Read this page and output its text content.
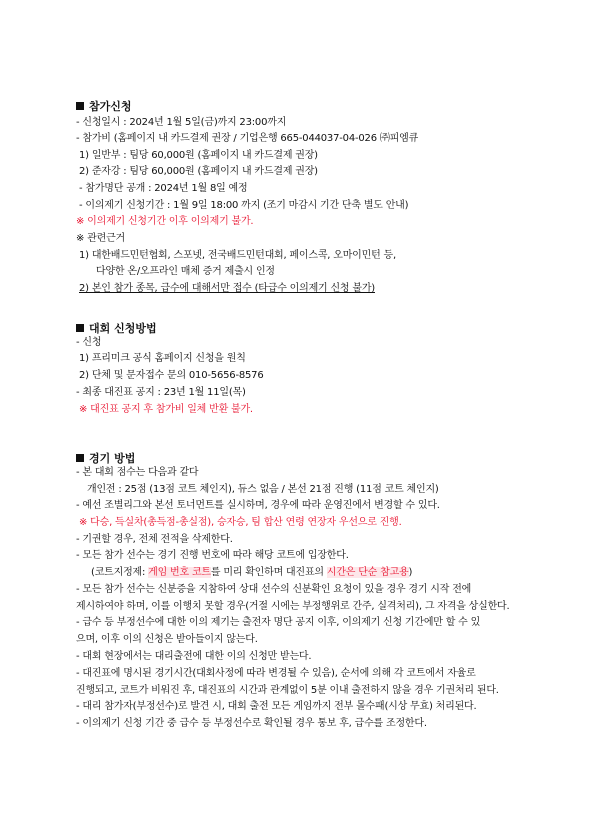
참가신청
- 신청일시 : 2024년 1월 5일(금)까지 23:00까지
- 참가비 (홈페이지 내 카드결제 권장 / 기업은행 665-044037-04-026 ㈜피엠큐
1) 일반부 : 팀당 60,000원 (홈페이지 내 카드결제 권장)
2) 준자강 : 팀당 60,000원 (홈페이지 내 카드결제 권장)
- 참가명단 공개 : 2024년 1월 8일 예정
- 이의제기 신청기간 : 1월 9일 18:00 까지 (조기 마감시 기간 단축 별도 안내)
※ 이의제기 신청기간 이후 이의제기 불가.
※ 관련근거
1) 대한배드민턴협회, 스포넷, 전국배드민턴대회, 페이스콕, 오마이민턴 등,
다양한 온/오프라인 매체 증거 제출시 인정
2) 본인 참가 종목, 급수에 대해서만 접수 (타급수 이의제기 신청 불가)
대회 신청방법
- 신청
1) 프리미크 공식 홈페이지 신청을 원칙
2) 단체 및 문자접수 문의 010-5656-8576
- 최종 대진표 공지 : 23년 1월 11일(목)
※ 대진표 공지 후 참가비 일체 반환 불가.
경기 방법
- 본 대회 점수는 다음과 같다
개인전 : 25점 (13점 코트 체인지), 듀스 없음 / 본선 21점 진행 (11점 코트 체인지)
- 예선 조별리그와 본선 토너먼트를 실시하며, 경우에 따라 운영진에서 변경할 수 있다.
※ 다승, 득실차(총득점-총실점), 승자승, 팀 합산 연령 연장자 우선으로 진행.
- 기권할 경우, 전체 전적을 삭제한다.
- 모든 참가 선수는 경기 진행 번호에 따라 해당 코트에 입장한다.
(코트지정제: 게임 번호 코트를 미리 확인하며 대진표의 시간은 단순 참고용)
- 모든 참가 선수는 신분증을 지참하여 상대 선수의 신분확인 요청이 있을 경우 경기 시작 전에
제시하여야 하며, 이를 이행치 못할 경우(거절 시에는 부정행위로 간주, 실격처리), 그 자격을 상실한다.
- 급수 등 부정선수에 대한 이의 제기는 출전자 명단 공지 이후, 이의제기 신청 기간에만 할 수 있
으며, 이후 이의 신청은 받아들이지 않는다.
- 대회 현장에서는 대리출전에 대한 이의 신청만 받는다.
- 대진표에 명시된 경기시간(대회사정에 따라 변경될 수 있음), 순서에 의해 각 코트에서 자율로
진행되고, 코트가 비워진 후, 대진표의 시간과 관계없이 5분 이내 출전하지 않을 경우 기권처리 된다.
- 대리 참가자(부정선수)로 발견 시, 대회 출전 모든 게임까지 전부 몰수패(시상 무효) 처리된다.
- 이의제기 신청 기간 중 급수 등 부정선수로 확인될 경우 통보 후, 급수를 조정한다.
